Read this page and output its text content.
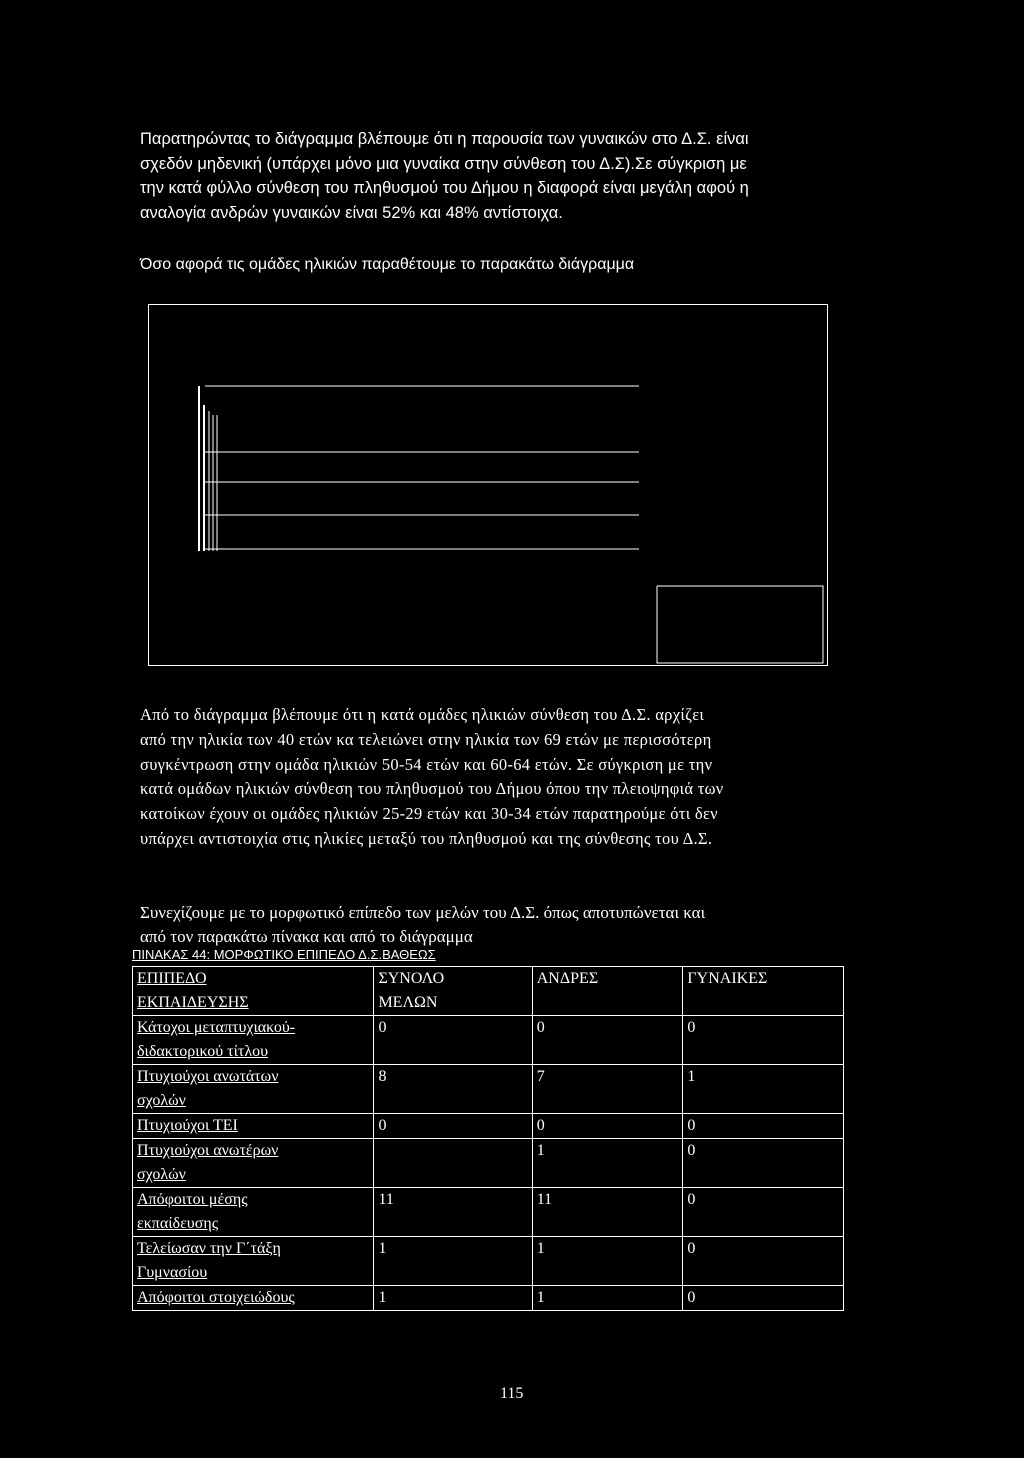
Παρατηρώντας το διάγραμμα βλέπουμε ότι η παρουσία των γυναικών στο Δ.Σ. είναι
σχεδόν μηδενική (υπάρχει μόνο μια γυναίκα στην σύνθεση του Δ.Σ).Σε σύγκριση με
την κατά φύλλο σύνθεση του πληθυσμού του Δήμου η διαφορά είναι μεγάλη αφού η
αναλογία ανδρών γυναικών είναι 52% και 48% αντίστοιχα.
Όσο αφορά τις ομάδες ηλικιών παραθέτουμε το παρακάτω διάγραμμα
Από το διάγραμμα βλέπουμε ότι η κατά ομάδες ηλικιών σύνθεση του Δ.Σ. αρχίζει
από την ηλικία των 40 ετών κα τελειώνει στην ηλικία των 69 ετών με περισσότερη
συγκέντρωση στην ομάδα ηλικιών 50-54 ετών και 60-64 ετών. Σε σύγκριση με την
κατά ομάδων ηλικιών σύνθεση του πληθυσμού του Δήμου όπου την πλειοψηφιά των
κατοίκων έχουν οι ομάδες ηλικιών 25-29 ετών και 30-34 ετών παρατηρούμε ότι δεν
υπάρχει αντιστοιχία στις ηλικίες μεταξύ του πληθυσμού και της σύνθεσης του Δ.Σ.
Συνεχίζουμε με το μορφωτικό επίπεδο των μελών του Δ.Σ. όπως αποτυπώνεται και
από τον παρακάτω πίνακα και από το διάγραμμα
ΠΙΝΑΚΑΣ 44: ΜΟΡΦΩΤΙΚΟ ΕΠΙΠΕΔΟ Δ.Σ.ΒΑΘΕΩΣ
ΕΠΙΠΕΔΟ
ΕΚΠΑΙΔΕΥΣΗΣ	ΣΥΝΟΛΟ
ΜΕΛΩΝ	ΑΝΔΡΕΣ	ΓΥΝΑΙΚΕΣ
Κάτοχοι μεταπτυχιακού-
διδακτορικού τίτλου	0	0	0
Πτυχιούχοι ανωτάτων
σχολών	8	7	1
Πτυχιούχοι ΤΕΙ	0	0	0
Πτυχιούχοι ανωτέρων
σχολών		1	0
Απόφοιτοι μέσης
εκπαίδευσης	11	11	0
Τελείωσαν την Γ΄τάξη
Γυμνασίου	1	1	0
Απόφοιτοι στοιχειώδους	1	1	0
115
